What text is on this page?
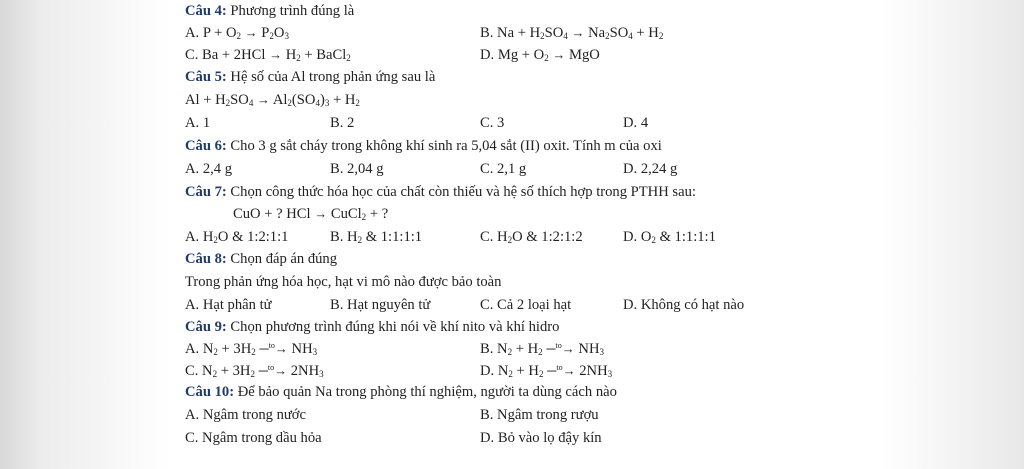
Câu 4: Phương trình đúng là
A. $P + O_2 \to P_2O_3$	B. $Na + H_2SO_4 \to Na_2SO_4 + H_2$
C. $Ba + 2HCl \to H_2$ + BaCl$_2$	D. $Mg + O_2$ → MgO
Câu 5: Hệ số của Al trong phản ứng sau là
$Al + H_2SO_4 \to Al_2(SO_4)_3 + H_2$
A. 1	B. 2	C. 3	D. 4
Câu 6: Cho 3 g sắt cháy trong không khí sinh ra 5,04 sắt (II) oxit. Tính m của oxi
A. 2,4 g	B. 2,04 g	C. 2,1 g	D. 2,24 g
Câu 7: Chọn công thức hóa học của chất còn thiếu và hệ số thích hợp trong PTHH sau:
CuO + ? HCl → CuCl$_2$ + ?
A. $H_2O$ & 1:2:1:1	B. $H_2$ & 1:1:1:1	C. $H_2O$ & 1:2:1:2	D. $O_2$ & 1:1:1:1
Câu 8: Chọn đáp án đúng
Trong phản ứng hóa học, hạt vi mô nào được bảo toàn
A. Hạt phân tử	B. Hạt nguyên tử	C. Cả 2 loại hạt	D. Không có hạt nào
Câu 9: Chọn phương trình đúng khi nói về khí nito và khí hidro
A. $N_2 + 3H_2$ ─$^{to}$→ $NH_3$	B. $N_2 + H_2$ ─$^{to}$→ $NH_3$
C. $N_2 + 3H_2$ ─$^{to}$→ $2NH_3$	D. $N_2 + H_2$ ─$^{to}$→ $2NH_3$
Câu 10: Để bảo quản Na trong phòng thí nghiệm, người ta dùng cách nào
A. Ngâm trong nước	B. Ngâm trong rượu
C. Ngâm trong dầu hỏa	D. Bỏ vào lọ đậy kín
